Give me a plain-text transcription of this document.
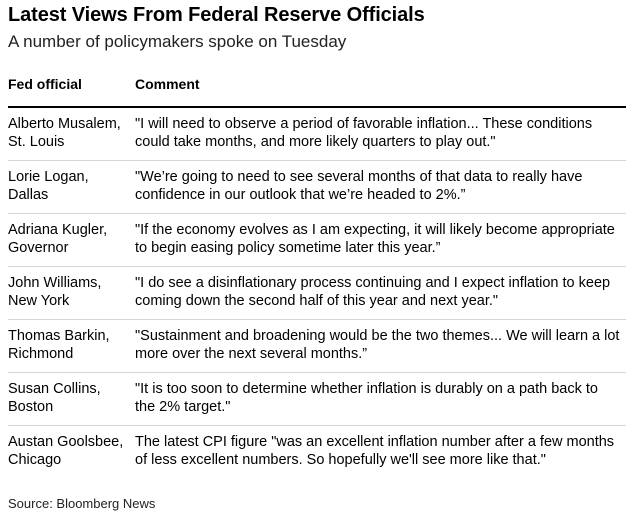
Latest Views From Federal Reserve Officials
A number of policymakers spoke on Tuesday
Fed official	Comment
Alberto Musalem,
St. Louis
"I will need to observe a period of favorable inflation... These conditions
could take months, and more likely quarters to play out."
Lorie Logan,
Dallas
"We’re going to need to see several months of that data to really have
confidence in our outlook that we’re headed to 2%.”
Adriana Kugler,
Governor
"If the economy evolves as I am expecting, it will likely become appropriate
to begin easing policy sometime later this year.”
John Williams,
New York
"I do see a disinflationary process continuing and I expect inflation to keep
coming down the second half of this year and next year."
Thomas Barkin,
Richmond
"Sustainment and broadening would be the two themes... We will learn a lot
more over the next several months.”
Susan Collins,
Boston
"It is too soon to determine whether inflation is durably on a path back to
the 2% target."
Austan Goolsbee,
Chicago
The latest CPI figure "was an excellent inflation number after a few months
of less excellent numbers. So hopefully we'll see more like that."
Source: Bloomberg News
